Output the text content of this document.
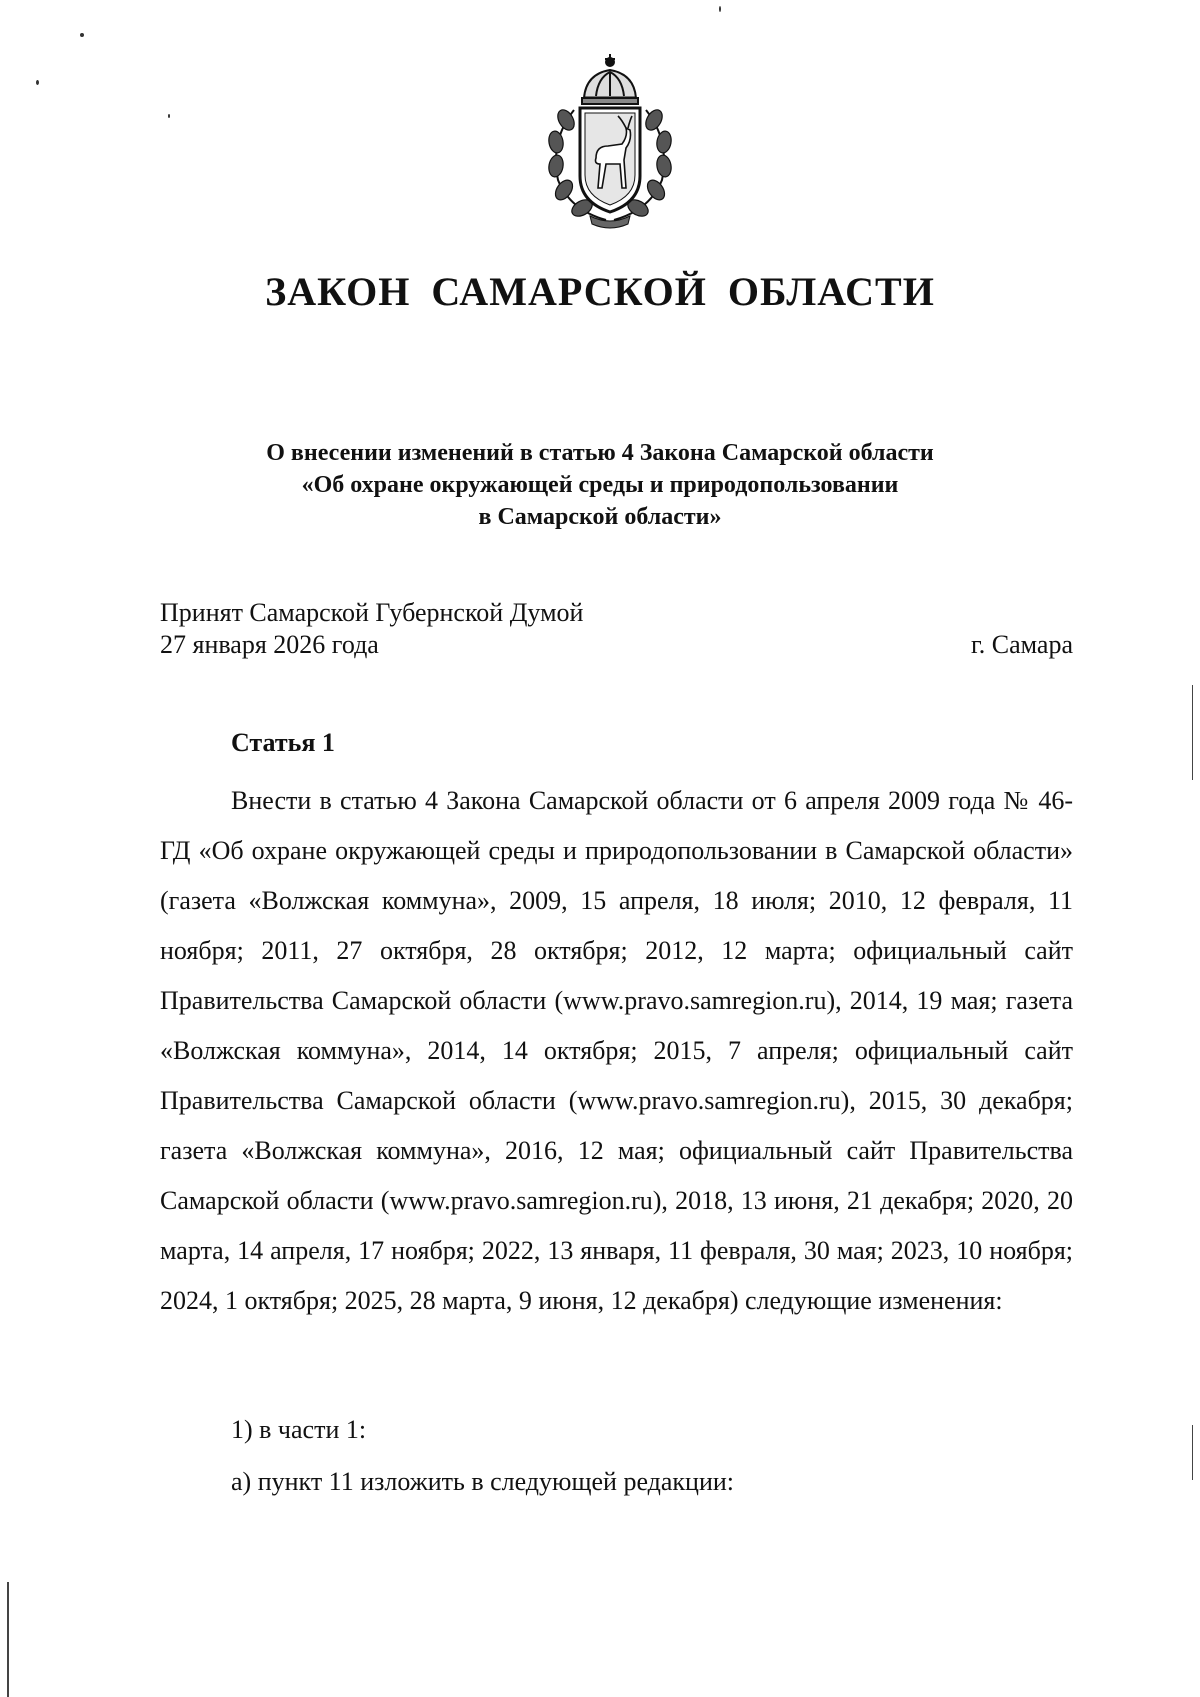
ЗАКОН САМАРСКОЙ ОБЛАСТИ
О внесении изменений в статью 4 Закона Самарской области
«Об охране окружающей среды и природопользовании
в Самарской области»
Принят Самарской Губернской Думой
27 января 2026 года	г. Самара
Статья 1
Внести в статью 4 Закона Самарской области от 6 апреля 2009 года № 46-ГД «Об охране окружающей среды и природопользовании в Самарской области» (газета «Волжская коммуна», 2009, 15 апреля, 18 июля; 2010, 12 февраля, 11 ноября; 2011, 27 октября, 28 октября; 2012, 12 марта; официальный сайт Правительства Самарской области (www.pravo.samregion.ru), 2014, 19 мая; газета «Волжская коммуна», 2014, 14 октября; 2015, 7 апреля; официальный сайт Правительства Самарской области (www.pravo.samregion.ru), 2015, 30 декабря; газета «Волжская коммуна», 2016, 12 мая; официальный сайт Правительства Самарской области (www.pravo.samregion.ru), 2018, 13 июня, 21 декабря; 2020, 20 марта, 14 апреля, 17 ноября; 2022, 13 января, 11 февраля, 30 мая; 2023, 10 ноября; 2024, 1 октября; 2025, 28 марта, 9 июня, 12 декабря) следующие изменения:
1) в части 1:
а) пункт 11 изложить в следующей редакции:
